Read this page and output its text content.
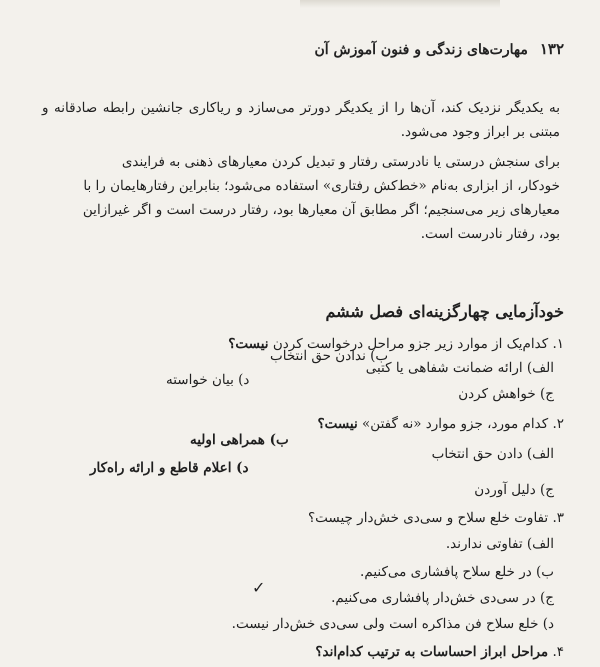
۱۳۲
مهارت‌های زندگی و فنون آموزش آن
به یکدیگر نزدیک کند، آن‌ها را از یکدیگر دورتر می‌سازد و ریاکاری جانشین رابطه صادقانه و مبتنی بر ابراز وجود می‌شود.
برای سنجش درستی یا نادرستی رفتار و تبدیل کردن معیارهای ذهنی به فرایندی
خودکار، از ابزاری به‌نام «خط‌کش رفتاری» استفاده می‌شود؛ بنابراین رفتارهایمان را با
معیارهای زیر می‌سنجیم؛ اگر مطابق آن معیارها بود، رفتار درست است و اگر غیرازاین
بود، رفتار نادرست است.
خودآزمایی چهارگزینه‌ای فصل ششم
۱. کدام‌یک از موارد زیر جزو مراحل درخواست کردن نیست؟
ب) ندادن حق انتخاب
الف) ارائه ضمانت شفاهی یا کتبی
د) بیان خواسته
ج) خواهش کردن
۲. کدام مورد، جزو موارد «نه گفتن» نیست؟
ب) همراهی اولیه
الف) دادن حق انتخاب
د) اعلام قاطع و ارائه راه‌کار
ج) دلیل آوردن
۳. تفاوت خلع سلاح و سی‌دی خش‌دار چیست؟
الف) تفاوتی ندارند.
ب) در خلع سلاح پافشاری می‌کنیم.
ج) در سی‌دی خش‌دار پافشاری می‌کنیم.
✓
د) خلع سلاح فن مذاکره است ولی سی‌دی خش‌دار نیست.
۴. مراحل ابراز احساسات به ترتیب کدام‌اند؟
